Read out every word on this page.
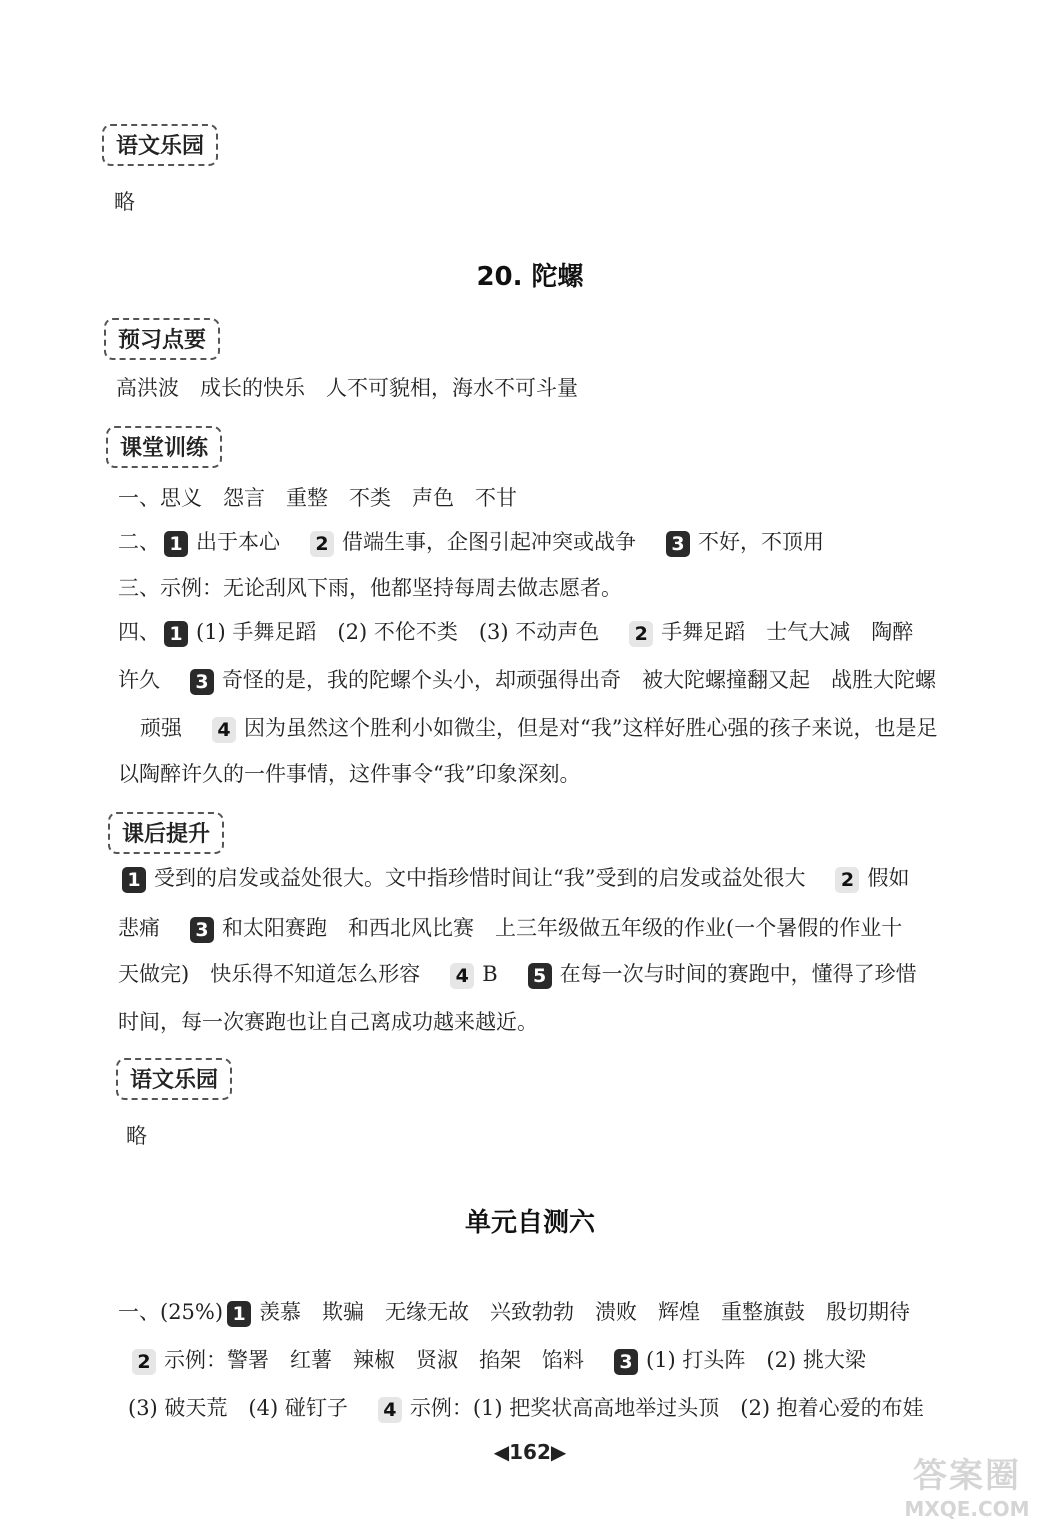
语文乐园
略
20. 陀螺
预习点要
高洪波　成长的快乐　人不可貌相，海水不可斗量
课堂训练
一、思义　怨言　重整　不类　声色　不甘
二、 1 出于本心 2 借端生事，企图引起冲突或战争 3 不好，不顶用
三、示例：无论刮风下雨，他都坚持每周去做志愿者。
四、 1 (1) 手舞足蹈　(2) 不伦不类　(3) 不动声色 2 手舞足蹈　士气大减　陶醉
许久 3 奇怪的是，我的陀螺个头小，却顽强得出奇　被大陀螺撞翻又起　战胜大陀螺
顽强 4 因为虽然这个胜利小如微尘，但是对“我”这样好胜心强的孩子来说，也是足
以陶醉许久的一件事情，这件事令“我”印象深刻。
课后提升
1 受到的启发或益处很大。文中指珍惜时间让“我”受到的启发或益处很大 2 假如
悲痛 3 和太阳赛跑　和西北风比赛　上三年级做五年级的作业(一个暑假的作业十
天做完)　快乐得不知道怎么形容 4 B 5 在每一次与时间的赛跑中，懂得了珍惜
时间，每一次赛跑也让自己离成功越来越近。
语文乐园
略
单元自测六
一、(25%) 1 羡慕　欺骗　无缘无故　兴致勃勃　溃败　辉煌　重整旗鼓　殷切期待
2 示例：警署　红薯　辣椒　贤淑　掐架　馅料 3 (1) 打头阵　(2) 挑大梁
(3) 破天荒　(4) 碰钉子 4 示例：(1) 把奖状高高地举过头顶　(2) 抱着心爱的布娃
◀162▶
答案圈
MXQE.COM
